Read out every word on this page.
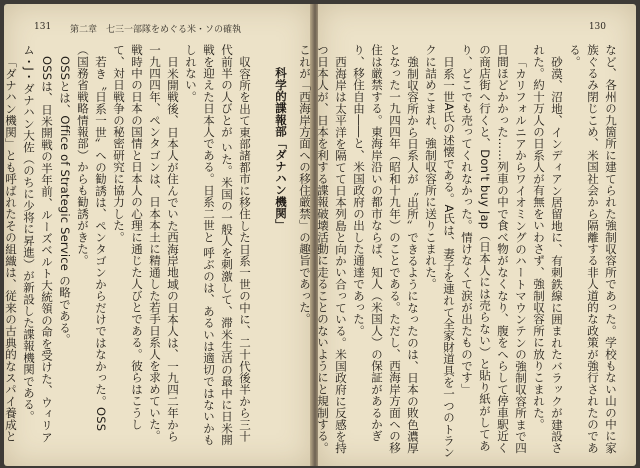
131 第二章　七三一部隊をめぐる米・ソの確執

科学的諜報部「ダナハン機関」

収容所を出て東部諸都市に移住した日系一世の中に、二十代後半から三十代前半の人びとが いた。米国の一般人を刺激して、滞米生活の最中に日米開戦を迎えた日本人である。日系二世と 呼ぶのは、あるいは適切ではないかもしれない。

日米開戦後、日本人が住んでいた西海岸地域の日本人は、一九四二年から一九四四年、ペンタゴンは、日本本土に精通した若手日系人を求めていた。戦時中の日本の国情と日本人の心理に通じた人びとである。彼らはこうして、対日戦争の秘密研究に協力した。

若き〝日系一世〟への勧誘は、ペンタゴンからだけではなかった。OSS（国務省戦略情報部）からも勧誘がきた。

OSSとは、Office of Strategic Service の略である。

OSSは、日米開戦の半年前、ルーズベルト大統領の命を受けた、ウィリアム・J・ダナハン大佐（のちに少将に昇進）が新設した諜報機関である。

「ダナハン機関」とも呼ばれたその組織は、従来の古典的なスパイ養成と

130

など、各州の九箇所に建てられた強制収容所であった。学校もない山の中に家族ぐるみ閉じこめ、米国社会から隔離する非人道的な政策が強行されたのである。

砂漠、沼地、インディアン居留地に、有刺鉄線に囲まれたバラックが建設された。約十万人の日系人が有無をいわさず、強制収容所に放りこまれた。

「カリフォルニアからワイオミングのハートマウンテンの強制収容所まで四日間ほどかかった……列車の中で食べ物がなくなり、腹をへらして停車駅近くの商店街へ行くと、Don't buy Jap（日本人には売らない）と貼り紙がしてあり、どこでも売ってくれなかった。情けなくて涙が出たものです」

日系一世A氏の述懐である。A氏は、妻子を連れて全家財道具を一つのトランクに詰めこまれ、強制収容所に送りこまれた。

強制収容所から日系人が〝出所〟できるようになったのは、日本の敗色濃厚となった一九四四年（昭和十九年）のことである。ただし、西海岸方面への移住は厳禁する。東海岸沿いの都市ならば、知人（米国人）の保証があるかぎり、移住自由――と、米国政府の出した通達であった。

西海岸は太平洋を隔てて日本列島と向かい合っている。米国政府に反感を持つ日本人が、日本を利する諜報破壊活動に走ることのないようにと規制する。これが「西海岸方面への移住厳禁」の趣旨であった。
